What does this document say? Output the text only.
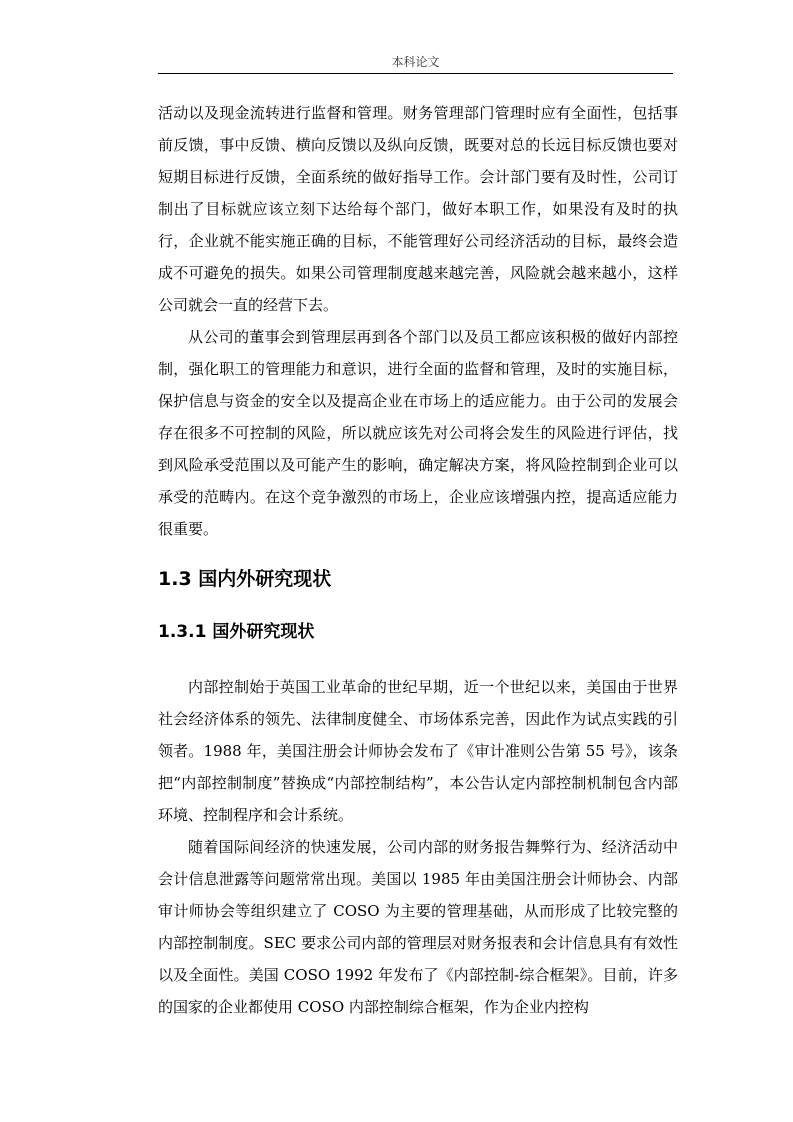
本科论文

活动以及现金流转进行监督和管理。财务管理部门管理时应有全面性，包括事前反馈，事中反馈、横向反馈以及纵向反馈，既要对总的长远目标反馈也要对短期目标进行反馈，全面系统的做好指导工作。会计部门要有及时性，公司订制出了目标就应该立刻下达给每个部门，做好本职工作，如果没有及时的执行，企业就不能实施正确的目标，不能管理好公司经济活动的目标，最终会造成不可避免的损失。如果公司管理制度越来越完善，风险就会越来越小，这样公司就会一直的经营下去。

从公司的董事会到管理层再到各个部门以及员工都应该积极的做好内部控制，强化职工的管理能力和意识，进行全面的监督和管理，及时的实施目标，保护信息与资金的安全以及提高企业在市场上的适应能力。由于公司的发展会存在很多不可控制的风险，所以就应该先对公司将会发生的风险进行评估，找到风险承受范围以及可能产生的影响，确定解决方案，将风险控制到企业可以承受的范畴内。在这个竞争激烈的市场上，企业应该增强内控，提高适应能力很重要。

1.3 国内外研究现状
1.3.1 国外研究现状

内部控制始于英国工业革命的世纪早期，近一个世纪以来，美国由于世界社会经济体系的领先、法律制度健全、市场体系完善，因此作为试点实践的引领者。1988 年，美国注册会计师协会发布了《审计准则公告第 55 号》，该条把“内部控制制度”替换成“内部控制结构”，本公告认定内部控制机制包含内部环境、控制程序和会计系统。

随着国际间经济的快速发展，公司内部的财务报告舞弊行为、经济活动中会计信息泄露等问题常常出现。美国以 1985 年由美国注册会计师协会、内部审计师协会等组织建立了 COSO 为主要的管理基础，从而形成了比较完整的内部控制制度。SEC 要求公司内部的管理层对财务报表和会计信息具有有效性以及全面性。美国 COSO 1992 年发布了《内部控制-综合框架》。目前，许多的国家的企业都使用 COSO 内部控制综合框架，作为企业内控构
